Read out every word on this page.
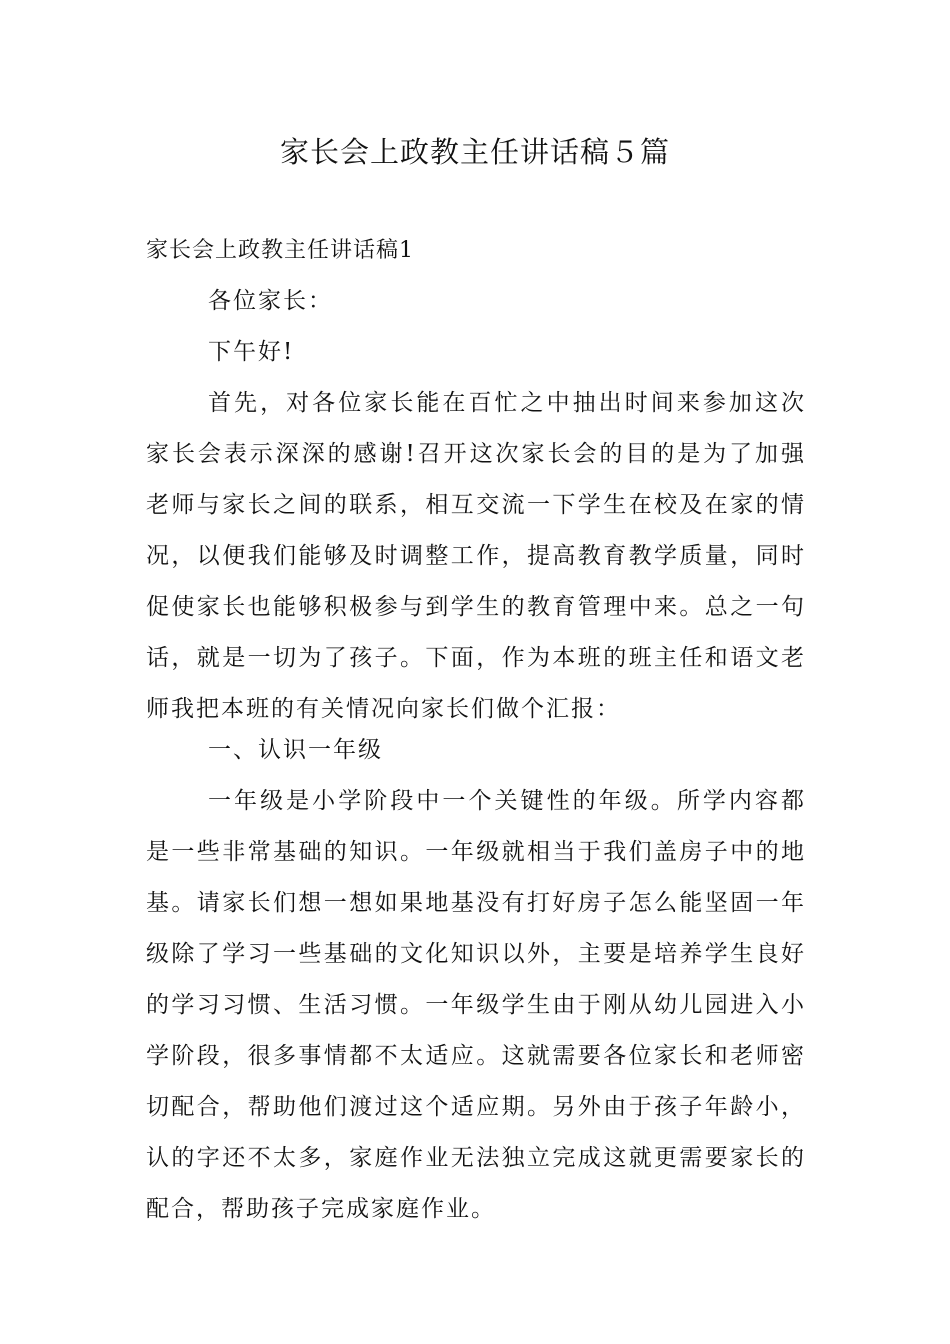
家长会上政教主任讲话稿５篇
家长会上政教主任讲话稿1

各位家长：

下午好!

首先，对各位家长能在百忙之中抽出时间来参加这次家长会表示深深的感谢!召开这次家长会的目的是为了加强老师与家长之间的联系，相互交流一下学生在校及在家的情况，以便我们能够及时调整工作，提高教育教学质量，同时促使家长也能够积极参与到学生的教育管理中来。总之一句话，就是一切为了孩子。下面，作为本班的班主任和语文老师我把本班的有关情况向家长们做个汇报：

一、认识一年级

一年级是小学阶段中一个关键性的年级。所学内容都是一些非常基础的知识。一年级就相当于我们盖房子中的地基。请家长们想一想如果地基没有打好房子怎么能坚固一年级除了学习一些基础的文化知识以外，主要是培养学生良好的学习习惯、生活习惯。一年级学生由于刚从幼儿园进入小学阶段，很多事情都不太适应。这就需要各位家长和老师密切配合，帮助他们渡过这个适应期。另外由于孩子年龄小，认的字还不太多，家庭作业无法独立完成这就更需要家长的配合，帮助孩子完成家庭作业。
